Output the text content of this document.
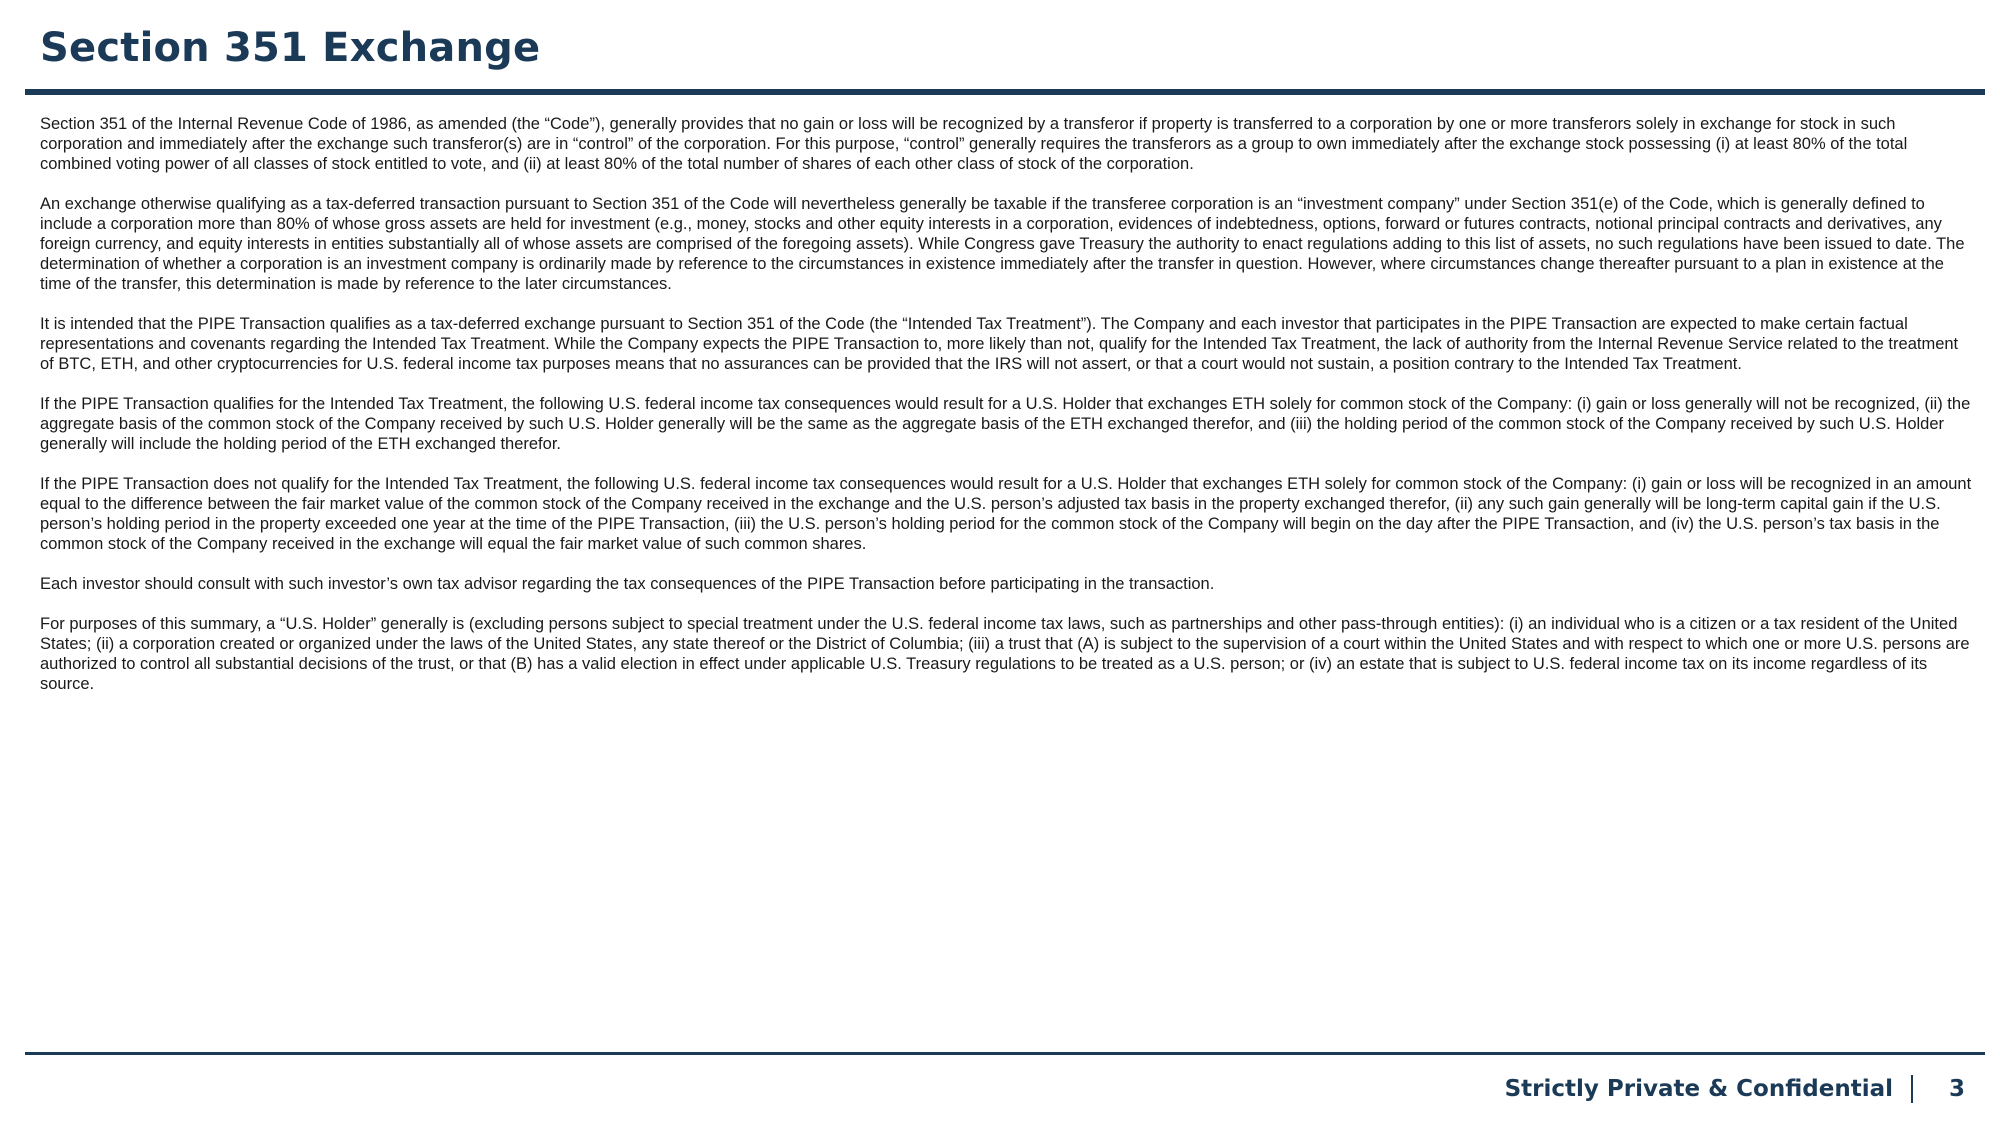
Section 351 Exchange

Section 351 of the Internal Revenue Code of 1986, as amended (the “Code”), generally provides that no gain or loss will be recognized by a transferor if property is transferred to a corporation by one or more transferors solely in exchange for stock in such corporation and immediately after the exchange such transferor(s) are in “control” of the corporation. For this purpose, “control” generally requires the transferors as a group to own immediately after the exchange stock possessing (i) at least 80% of the total combined voting power of all classes of stock entitled to vote, and (ii) at least 80% of the total number of shares of each other class of stock of the corporation.

An exchange otherwise qualifying as a tax-deferred transaction pursuant to Section 351 of the Code will nevertheless generally be taxable if the transferee corporation is an “investment company” under Section 351(e) of the Code, which is generally defined to include a corporation more than 80% of whose gross assets are held for investment (e.g., money, stocks and other equity interests in a corporation, evidences of indebtedness, options, forward or futures contracts, notional principal contracts and derivatives, any foreign currency, and equity interests in entities substantially all of whose assets are comprised of the foregoing assets). While Congress gave Treasury the authority to enact regulations adding to this list of assets, no such regulations have been issued to date. The determination of whether a corporation is an investment company is ordinarily made by reference to the circumstances in existence immediately after the transfer in question. However, where circumstances change thereafter pursuant to a plan in existence at the time of the transfer, this determination is made by reference to the later circumstances.

It is intended that the PIPE Transaction qualifies as a tax-deferred exchange pursuant to Section 351 of the Code (the “Intended Tax Treatment”). The Company and each investor that participates in the PIPE Transaction are expected to make certain factual representations and covenants regarding the Intended Tax Treatment. While the Company expects the PIPE Transaction to, more likely than not, qualify for the Intended Tax Treatment, the lack of authority from the Internal Revenue Service related to the treatment of BTC, ETH, and other cryptocurrencies for U.S. federal income tax purposes means that no assurances can be provided that the IRS will not assert, or that a court would not sustain, a position contrary to the Intended Tax Treatment.

If the PIPE Transaction qualifies for the Intended Tax Treatment, the following U.S. federal income tax consequences would result for a U.S. Holder that exchanges ETH solely for common stock of the Company: (i) gain or loss generally will not be recognized, (ii) the aggregate basis of the common stock of the Company received by such U.S. Holder generally will be the same as the aggregate basis of the ETH exchanged therefor, and (iii) the holding period of the common stock of the Company received by such U.S. Holder generally will include the holding period of the ETH exchanged therefor.

If the PIPE Transaction does not qualify for the Intended Tax Treatment, the following U.S. federal income tax consequences would result for a U.S. Holder that exchanges ETH solely for common stock of the Company: (i) gain or loss will be recognized in an amount equal to the difference between the fair market value of the common stock of the Company received in the exchange and the U.S. person’s adjusted tax basis in the property exchanged therefor, (ii) any such gain generally will be long-term capital gain if the U.S. person’s holding period in the property exceeded one year at the time of the PIPE Transaction, (iii) the U.S. person’s holding period for the common stock of the Company will begin on the day after the PIPE Transaction, and (iv) the U.S. person’s tax basis in the common stock of the Company received in the exchange will equal the fair market value of such common shares.

Each investor should consult with such investor’s own tax advisor regarding the tax consequences of the PIPE Transaction before participating in the transaction.

For purposes of this summary, a “U.S. Holder” generally is (excluding persons subject to special treatment under the U.S. federal income tax laws, such as partnerships and other pass-through entities): (i) an individual who is a citizen or a tax resident of the United States; (ii) a corporation created or organized under the laws of the United States, any state thereof or the District of Columbia; (iii) a trust that (A) is subject to the supervision of a court within the United States and with respect to which one or more U.S. persons are authorized to control all substantial decisions of the trust, or that (B) has a valid election in effect under applicable U.S. Treasury regulations to be treated as a U.S. person; or (iv) an estate that is subject to U.S. federal income tax on its income regardless of its source.

Strictly Private & Confidential 3
